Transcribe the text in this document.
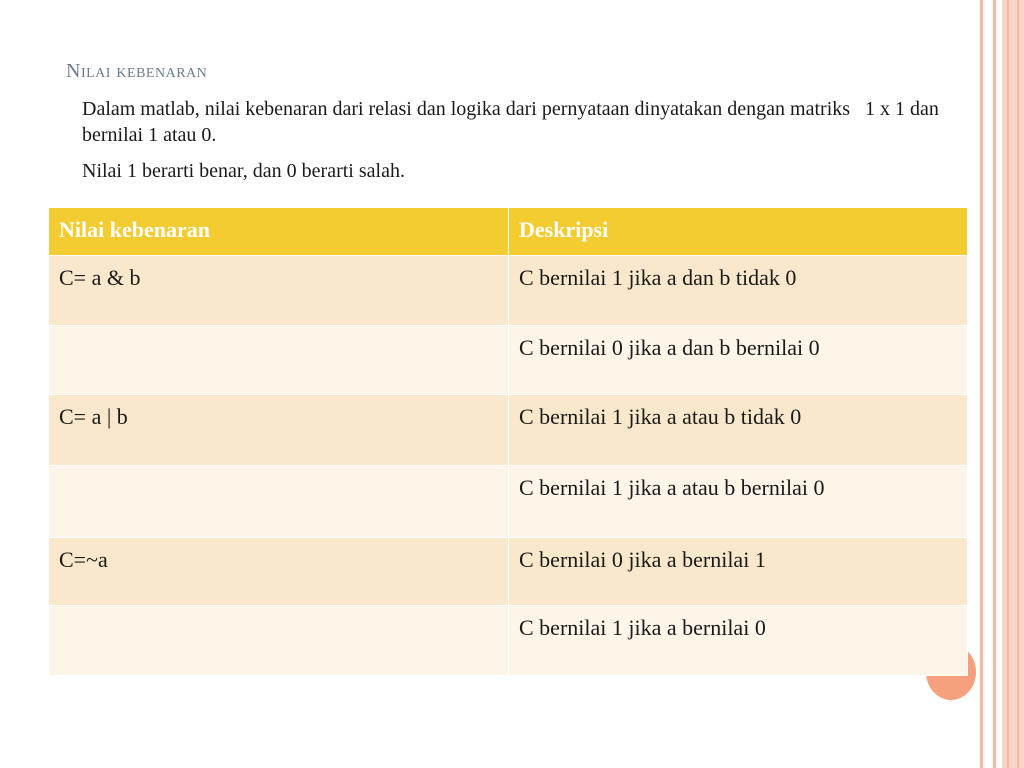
Nilai kebenaran

Dalam matlab, nilai kebenaran dari relasi dan logika dari pernyataan dinyatakan dengan matriks   1 x 1 dan bernilai 1 atau 0.

Nilai 1 berarti benar, dan 0 berarti salah.

Nilai kebenaran	Deskripsi
C= a & b	C bernilai 1 jika a dan b tidak 0
	C bernilai 0 jika a dan b bernilai 0
C= a | b	C bernilai 1 jika a atau b tidak 0
	C bernilai 1 jika a atau b bernilai 0
C=~a	C bernilai 0 jika a bernilai 1
	C bernilai 1 jika a bernilai 0
